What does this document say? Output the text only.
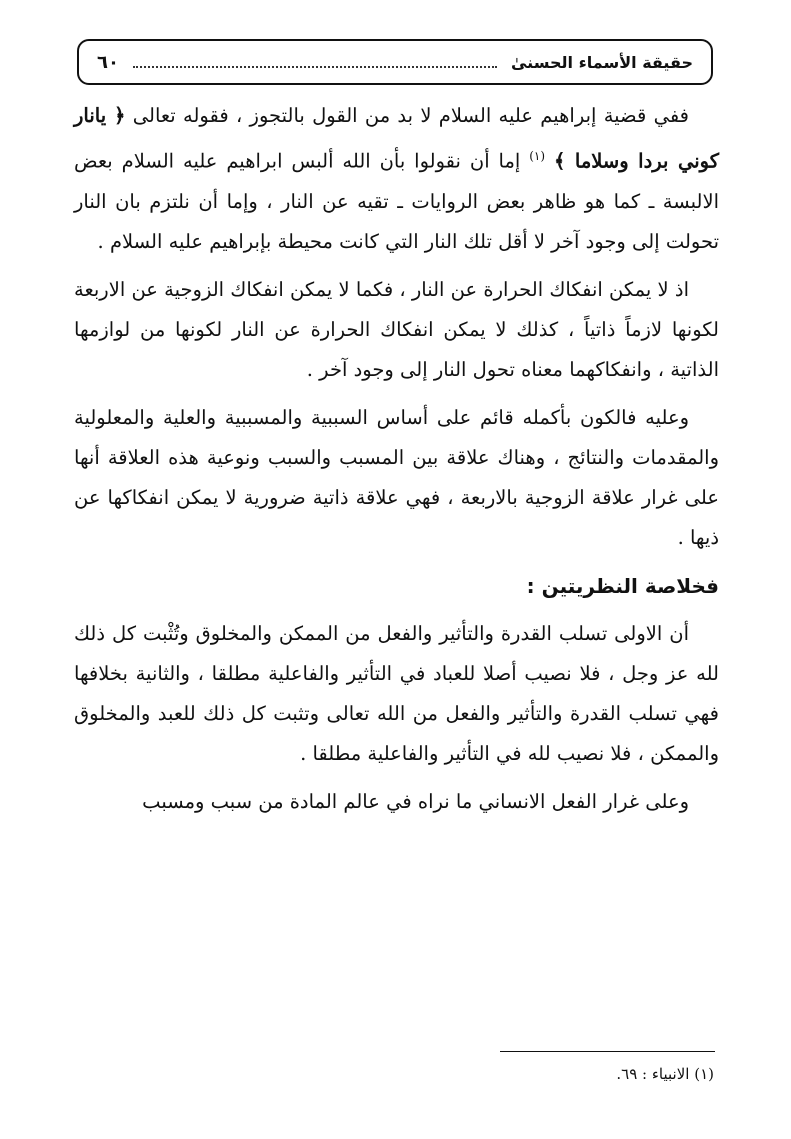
حقيقة الأسماء الحسنىٰ
٦٠

ففي قضية إبراهيم عليه السلام لا بد من القول بالتجوز ، فقوله تعالى ﴿ يانار كوني بردا وسلاما ﴾ $^{(١)}$ إما أن نقولوا بأن الله ألبس ابراهيم عليه السلام بعض الالبسة ـ كما هو ظاهر بعض الروايات ـ تقيه عن النار ، وإما أن نلتزم بان النار تحولت إلى وجود آخر لا أقل تلك النار التي كانت محيطة بإبراهيم عليه السلام .

اذ لا يمكن انفكاك الحرارة عن النار ، فكما لا يمكن انفكاك الزوجية عن الاربعة لكونها لازماً ذاتياً ، كذلك لا يمكن انفكاك الحرارة عن النار لكونها من لوازمها الذاتية ، وانفكاكهما معناه تحول النار إلى وجود آخر .

وعليه فالكون بأكمله قائم على أساس السببية والمسببية والعلية والمعلولية والمقدمات والنتائج ، وهناك علاقة بين المسبب والسبب ونوعية هذه العلاقة أنها على غرار علاقة الزوجية بالاربعة ، فهي علاقة ذاتية ضرورية لا يمكن انفكاكها عن ذيها .

فخلاصة النظريتين :

أن الاولى تسلب القدرة والتأثير والفعل من الممكن والمخلوق وتُثْبت كل ذلك لله عز وجل ، فلا نصيب أصلا للعباد في التأثير والفاعلية مطلقا ، والثانية بخلافها فهي تسلب القدرة والتأثير والفعل من الله تعالى وتثبت كل ذلك للعبد والمخلوق والممكن ، فلا نصيب لله في التأثير والفاعلية مطلقا .

وعلى غرار الفعل الانساني ما نراه في عالم المادة من سبب ومسبب

(١) الانبياء : ٦٩.
